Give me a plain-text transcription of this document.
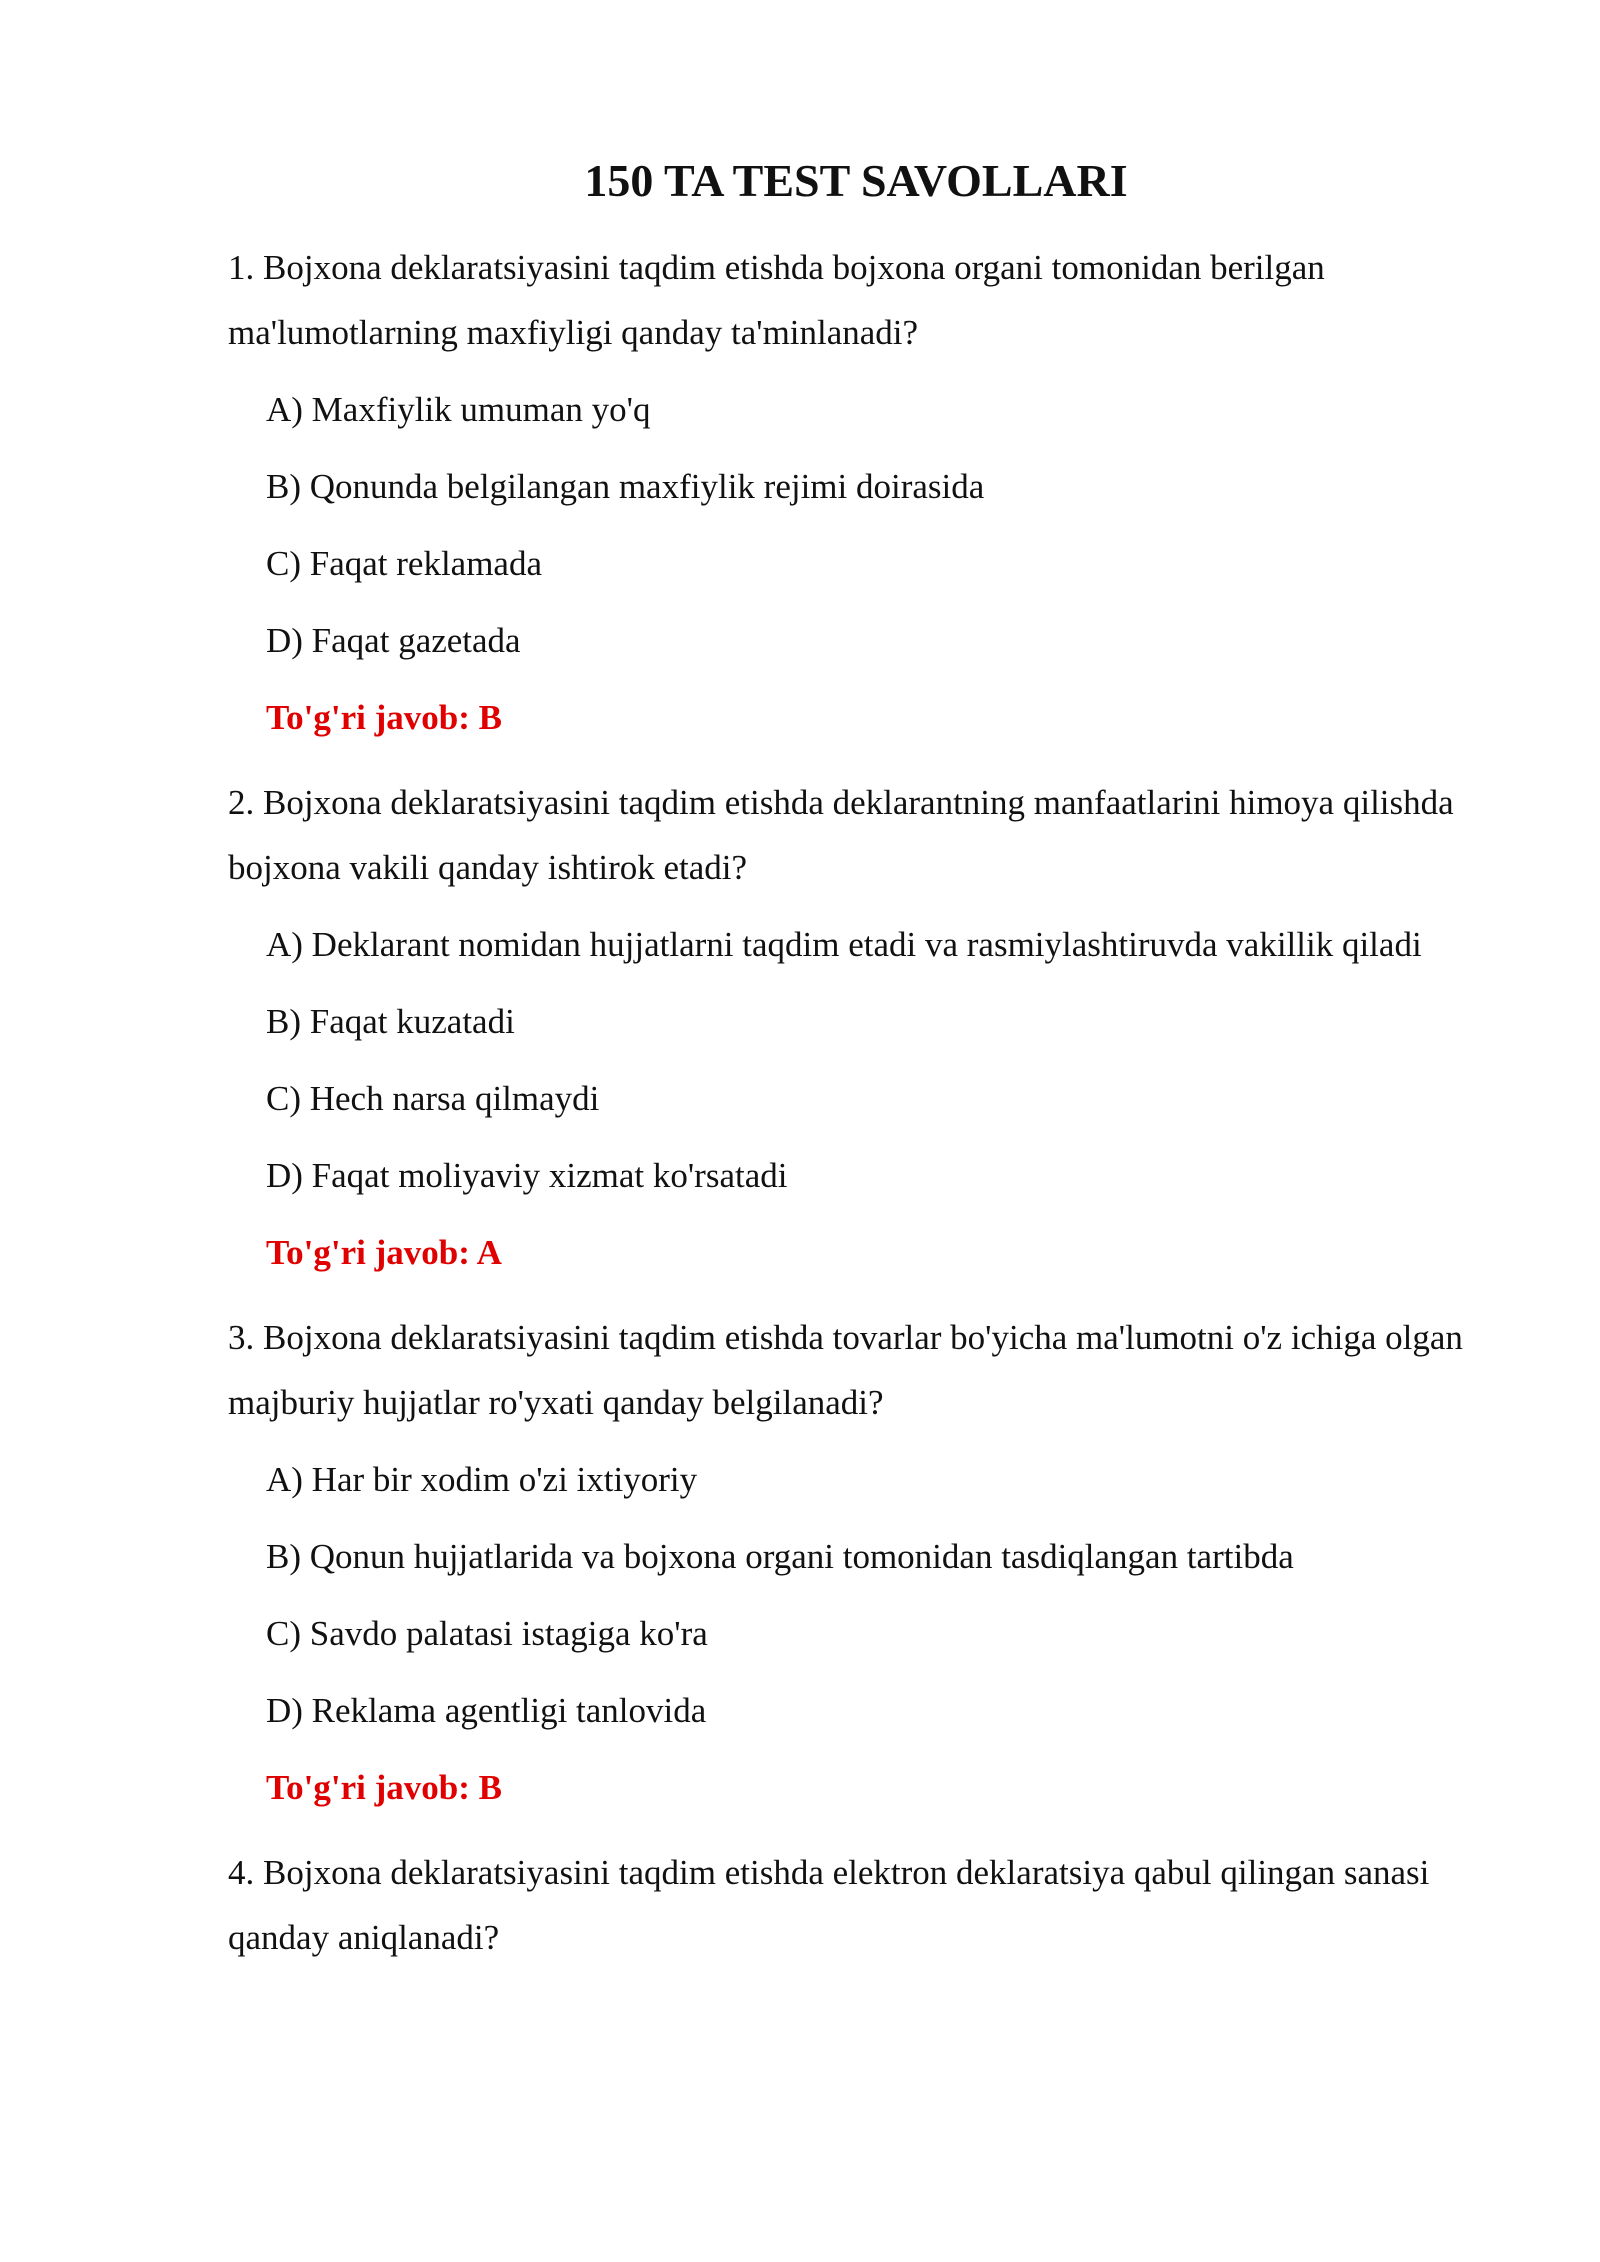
150 TA TEST SAVOLLARI

1. Bojxona deklaratsiyasini taqdim etishda bojxona organi tomonidan berilgan ma'lumotlarning maxfiyligi qanday ta'minlanadi?

A) Maxfiylik umuman yo'q
B) Qonunda belgilangan maxfiylik rejimi doirasida
C) Faqat reklamada
D) Faqat gazetada

To'g'ri javob: B

2. Bojxona deklaratsiyasini taqdim etishda deklarantning manfaatlarini himoya qilishda bojxona vakili qanday ishtirok etadi?

A) Deklarant nomidan hujjatlarni taqdim etadi va rasmiylashtiruvda vakillik qiladi
B) Faqat kuzatadi
C) Hech narsa qilmaydi
D) Faqat moliyaviy xizmat ko'rsatadi

To'g'ri javob: A

3. Bojxona deklaratsiyasini taqdim etishda tovarlar bo'yicha ma'lumotni o'z ichiga olgan majburiy hujjatlar ro'yxati qanday belgilanadi?

A) Har bir xodim o'zi ixtiyoriy
B) Qonun hujjatlarida va bojxona organi tomonidan tasdiqlangan tartibda
C) Savdo palatasi istagiga ko'ra
D) Reklama agentligi tanlovida

To'g'ri javob: B

4. Bojxona deklaratsiyasini taqdim etishda elektron deklaratsiya qabul qilingan sanasi qanday aniqlanadi?
